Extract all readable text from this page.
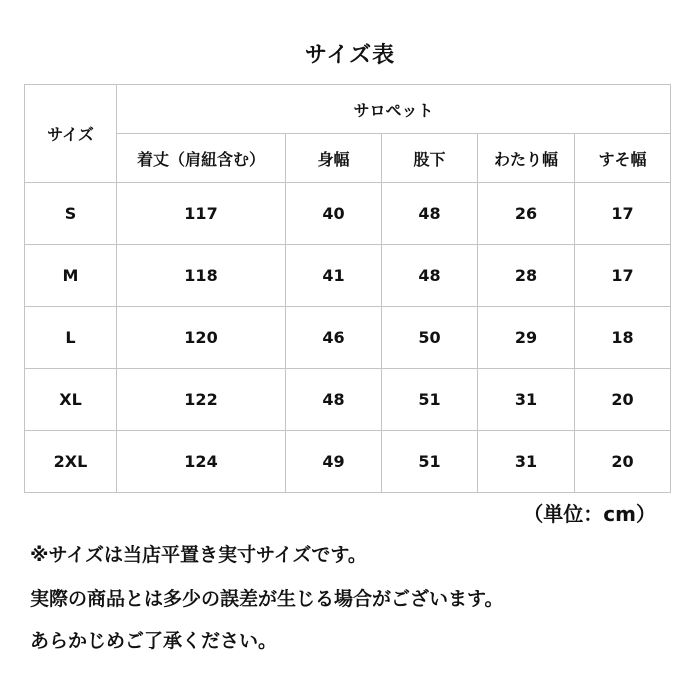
サイズ表
サイズ	サロペット				
	着丈（肩紐含む）	身幅	股下	わたり幅	すそ幅
S	117	40	48	26	17
M	118	41	48	28	17
L	120	46	50	29	18
XL	122	48	51	31	20
2XL	124	49	51	31	20
（単位：cm）
※サイズは当店平置き実寸サイズです。
実際の商品とは多少の誤差が生じる場合がございます。
あらかじめご了承ください。
